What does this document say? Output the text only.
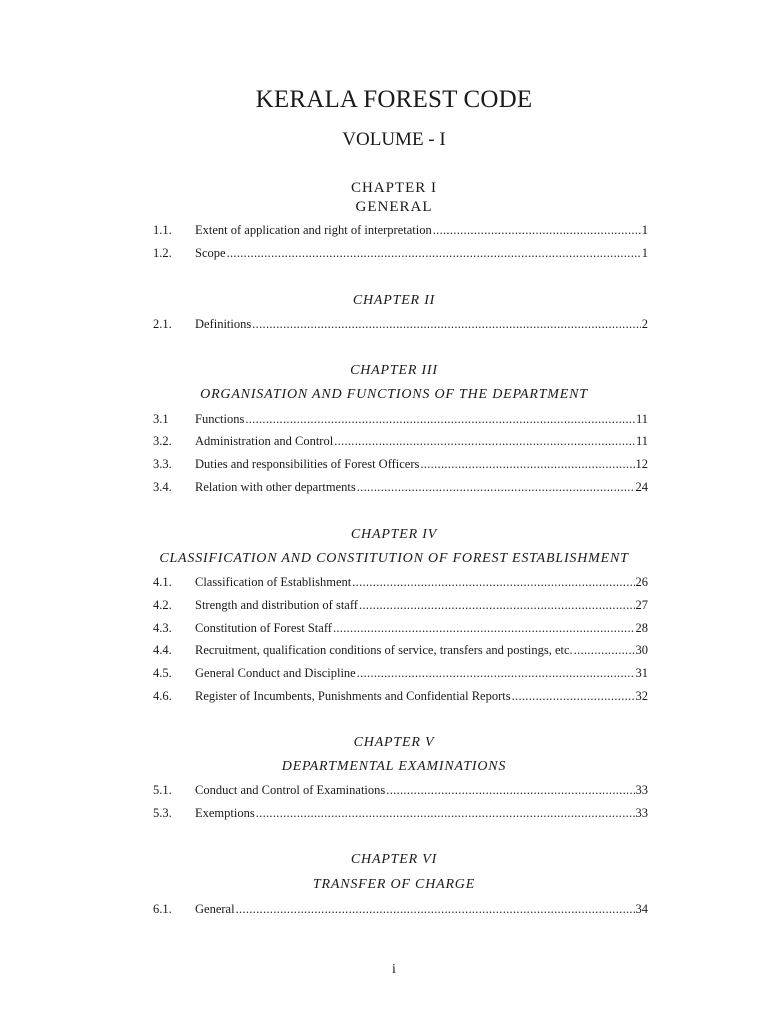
KERALA FOREST CODE
VOLUME - I
CHAPTER I
GENERAL
1.1. Extent of application and right of interpretation .....	1
1.2. Scope .....	1
CHAPTER II
2.1. Definitions .....	2
CHAPTER III
ORGANISATION AND FUNCTIONS OF THE DEPARTMENT
3.1 Functions .....	11
3.2. Administration and Control .....	11
3.3. Duties and responsibilities of Forest Officers .....	12
3.4. Relation with other departments .....	24
CHAPTER IV
CLASSIFICATION AND CONSTITUTION OF FOREST ESTABLISHMENT
4.1. Classification of Establishment .....	26
4.2. Strength and distribution of staff .....	27
4.3. Constitution of Forest Staff .....	28
4.4. Recruitment, qualification conditions of service, transfers and postings, etc. .....	30
4.5. General Conduct and Discipline .....	31
4.6. Register of Incumbents, Punishments and Confidential Reports .....	32
CHAPTER V
DEPARTMENTAL EXAMINATIONS
5.1. Conduct and Control of Examinations .....	33
5.3. Exemptions .....	33
CHAPTER VI
TRANSFER OF CHARGE
6.1. General .....	34
i
